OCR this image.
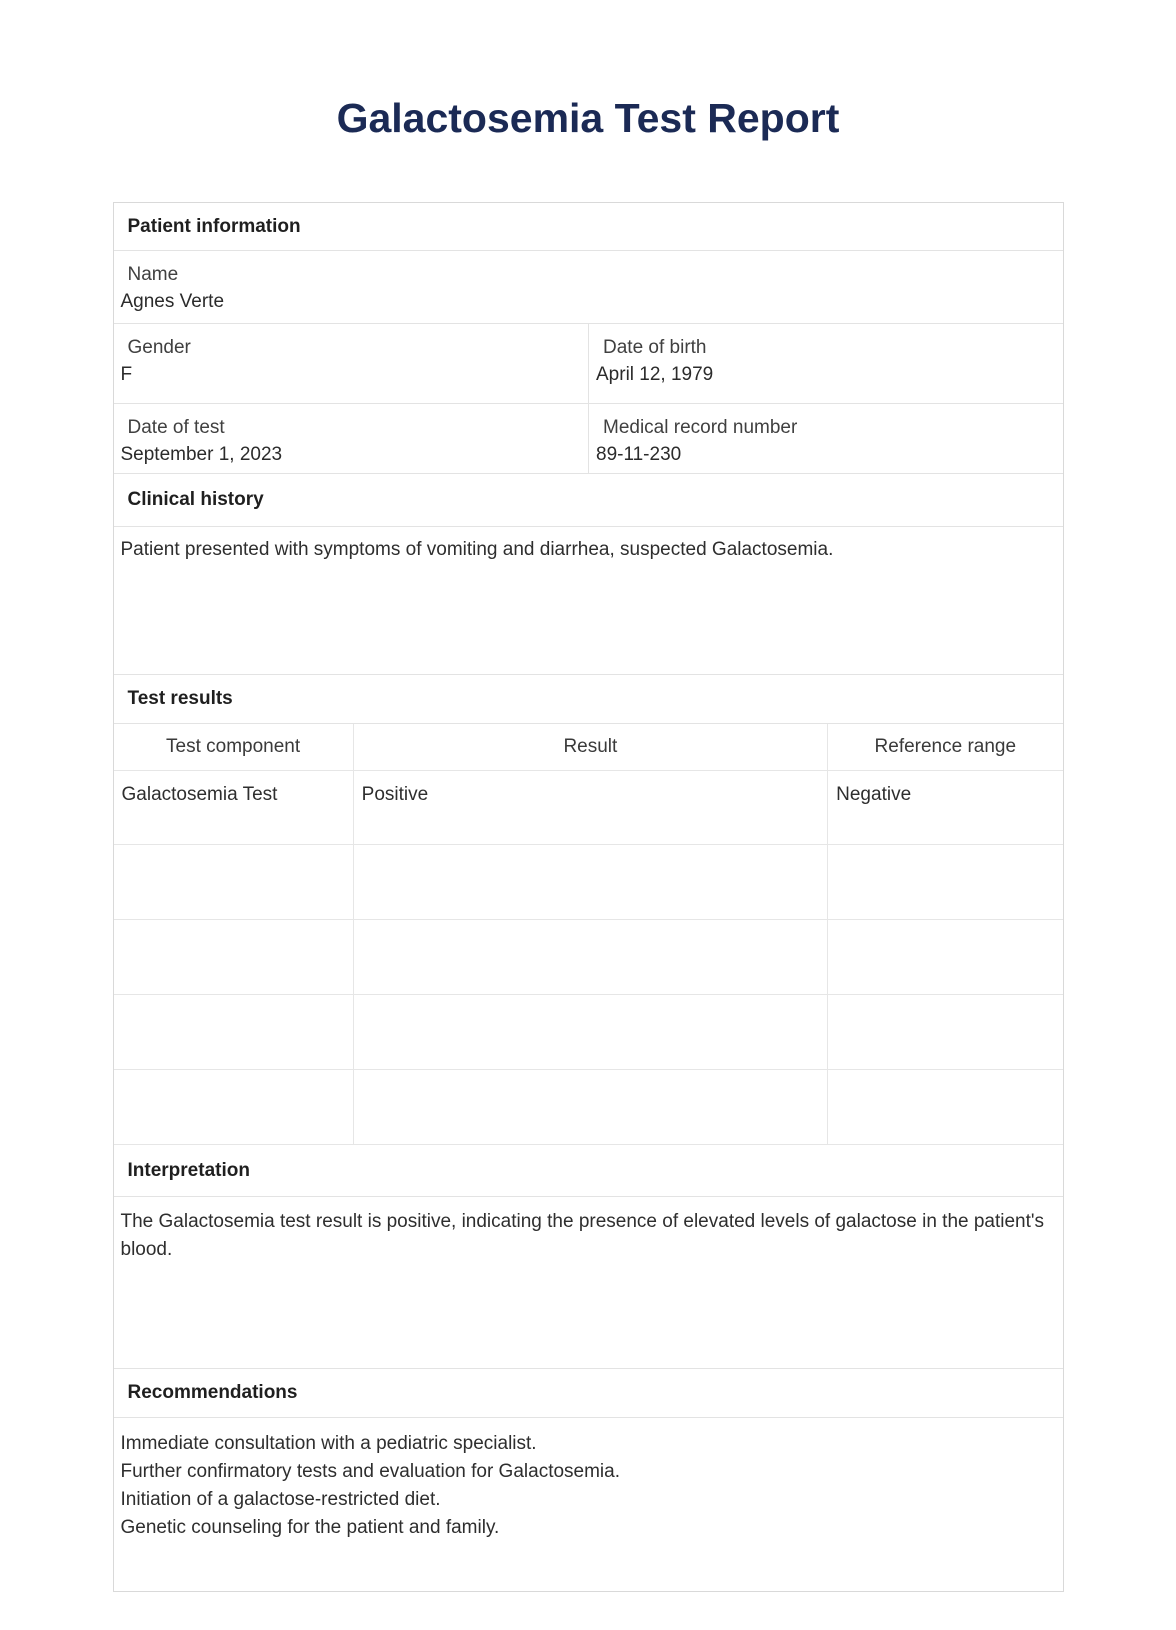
Galactosemia Test Report
Patient information
Name
Agnes Verte
Gender
F
Date of birth
April 12, 1979
Date of test
September 1, 2023
Medical record number
89-11-230
Clinical history
Patient presented with symptoms of vomiting and diarrhea, suspected Galactosemia.
Test results
Test component	Result	Reference range
Galactosemia Test	Positive	Negative
Interpretation
The Galactosemia test result is positive, indicating the presence of elevated levels of galactose in the patient's blood.
Recommendations
Immediate consultation with a pediatric specialist.
Further confirmatory tests and evaluation for Galactosemia.
Initiation of a galactose-restricted diet.
Genetic counseling for the patient and family.
